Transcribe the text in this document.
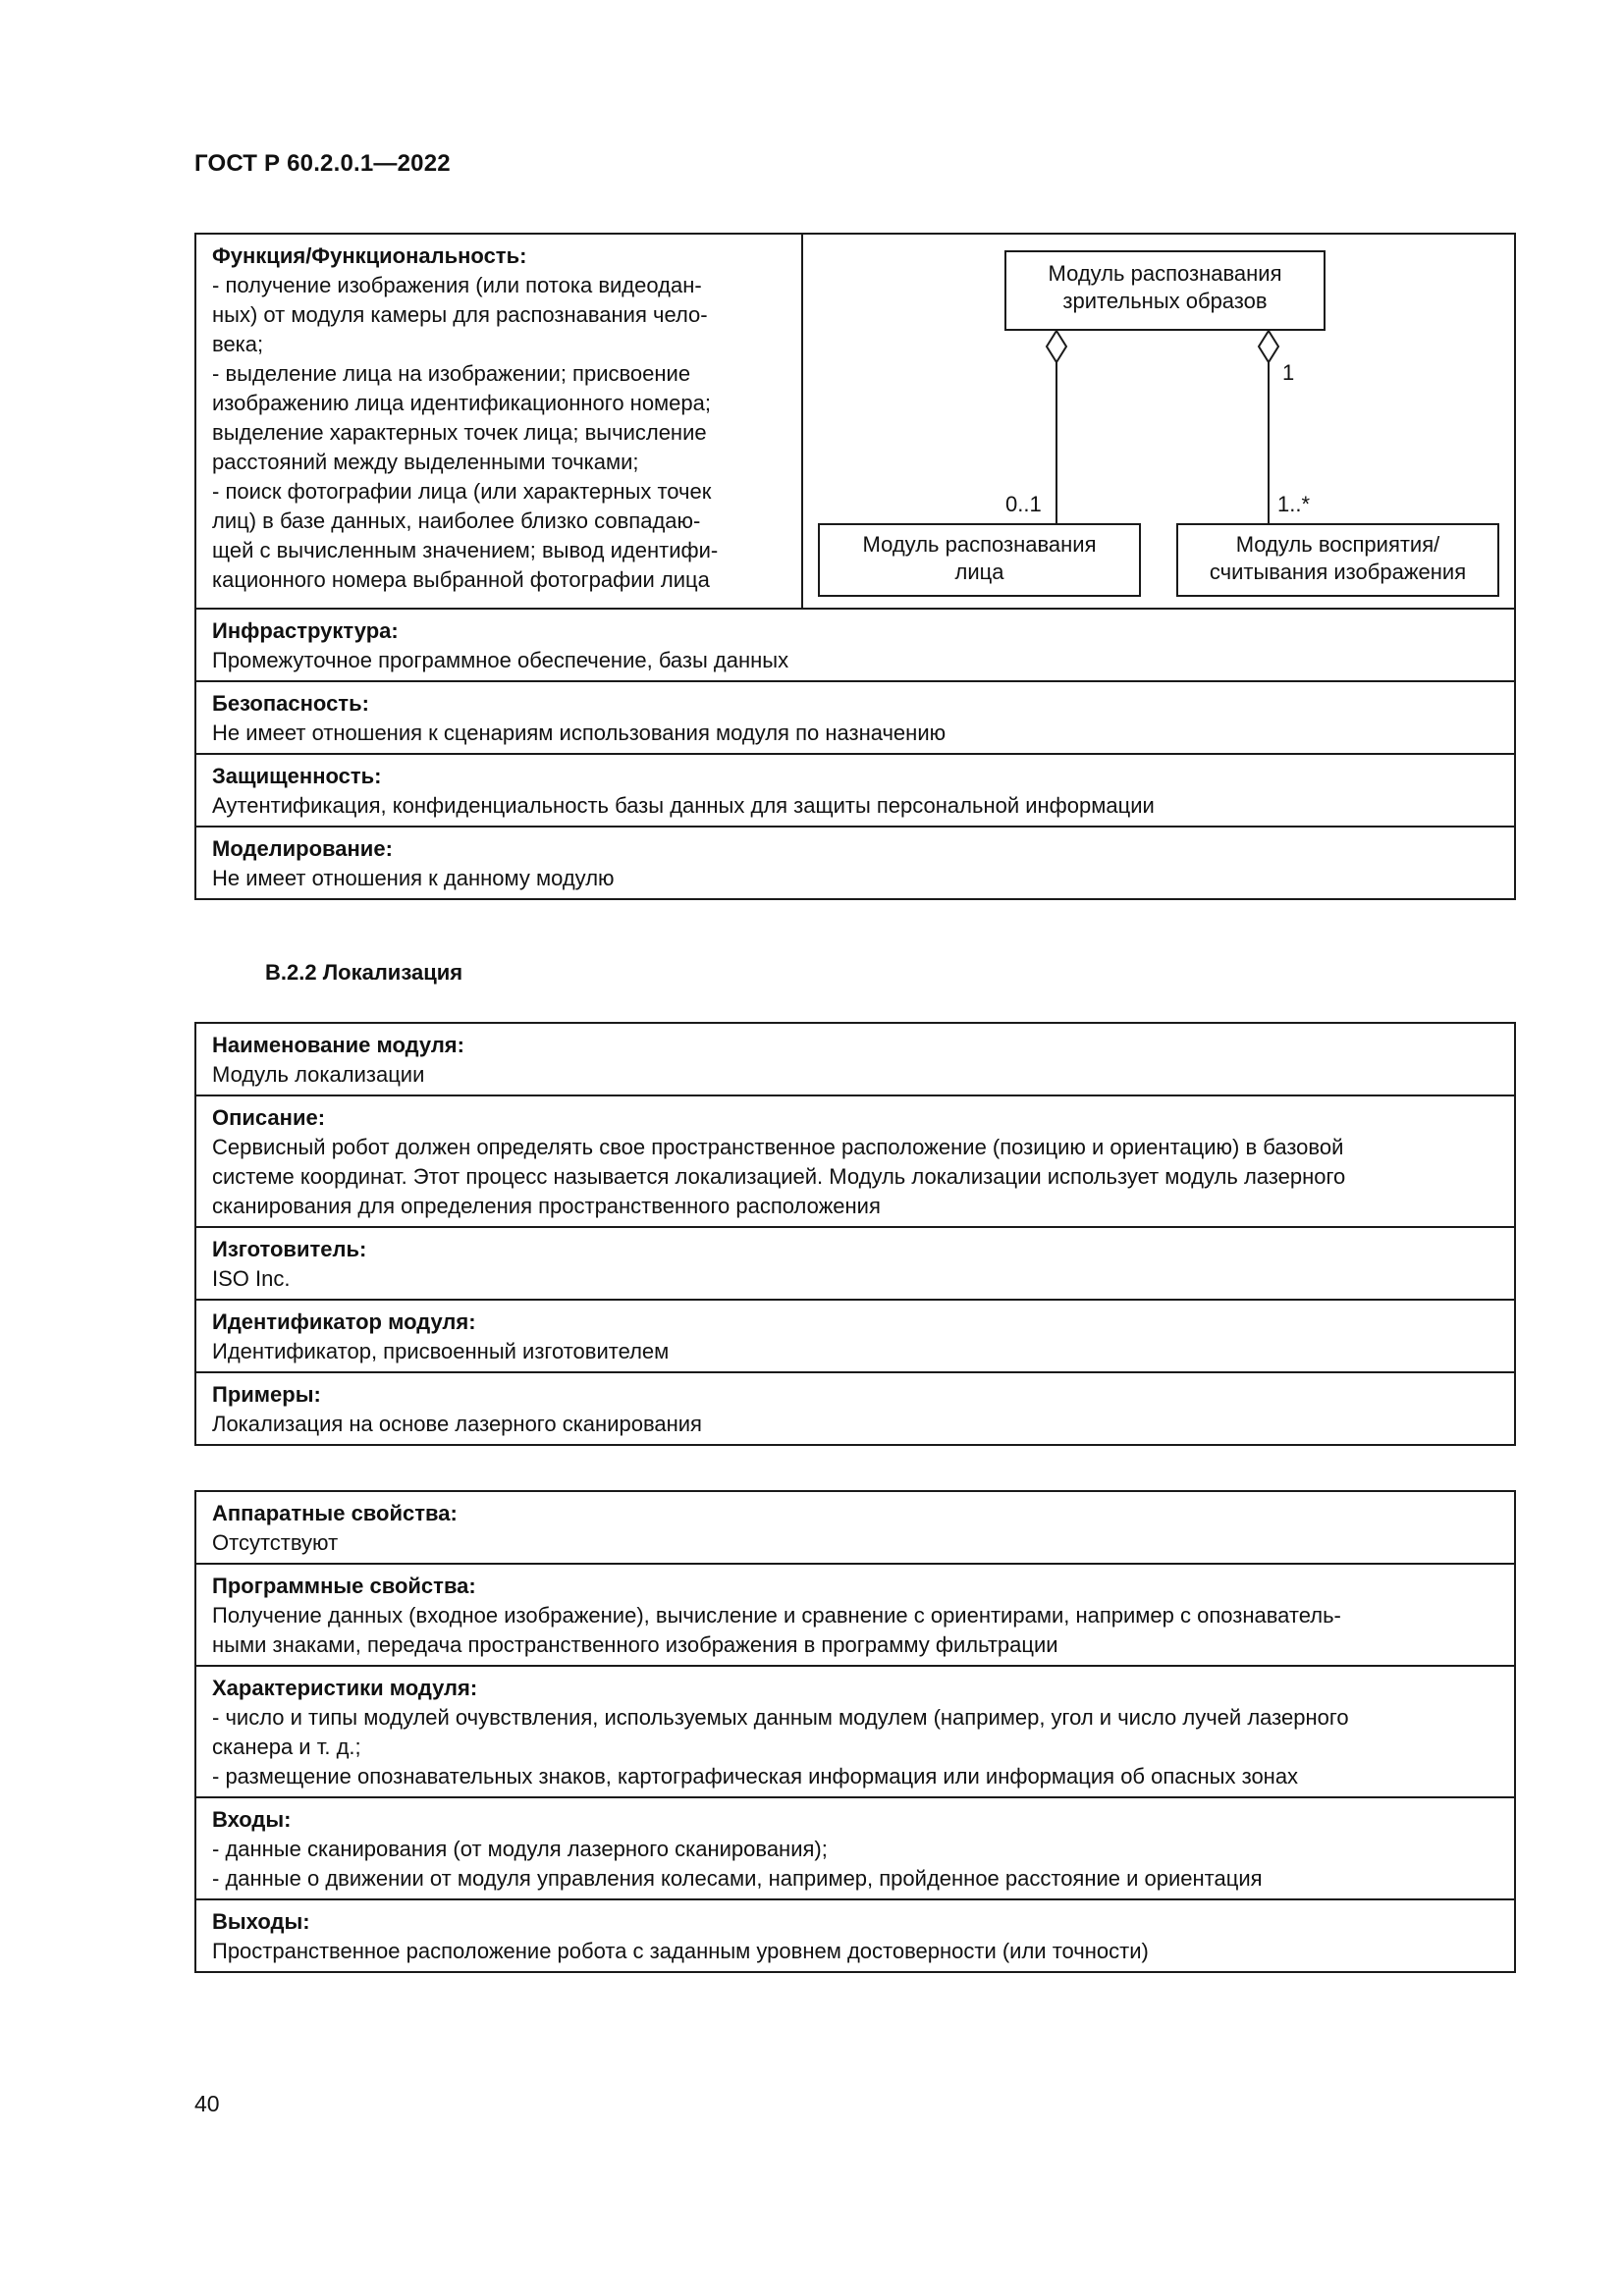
ГОСТ Р 60.2.0.1—2022
Функция/Функциональность:
- получение изображения (или потока видеодан-
ных) от модуля камеры для распознавания чело-
века;
- выделение лица на изображении; присвоение
изображению лица идентификационного номера;
выделение характерных точек лица; вычисление
расстояний между выделенными точками;
- поиск фотографии лица (или характерных точек
лиц) в базе данных, наиболее близко совпадаю-
щей с вычисленным значением; вывод идентифи-
кационного номера выбранной фотографии лица
Модуль распознавания
зрительных образов
Модуль распознавания
лица
Модуль восприятия/
считывания изображения
1
0..1	1..*
Инфраструктура:
Промежуточное программное обеспечение, базы данных
Безопасность:
Не имеет отношения к сценариям использования модуля по назначению
Защищенность:
Аутентификация, конфиденциальность базы данных для защиты персональной информации
Моделирование:
Не имеет отношения к данному модулю
B.2.2 Локализация
Наименование модуля:
Модуль локализации
Описание:
Сервисный робот должен определять свое пространственное расположение (позицию и ориентацию) в базовой
системе координат. Этот процесс называется локализацией. Модуль локализации использует модуль лазерного
сканирования для определения пространственного расположения
Изготовитель:
ISO Inc.
Идентификатор модуля:
Идентификатор, присвоенный изготовителем
Примеры:
Локализация на основе лазерного сканирования
Аппаратные свойства:
Отсутствуют
Программные свойства:
Получение данных (входное изображение), вычисление и сравнение с ориентирами, например с опознаватель-
ными знаками, передача пространственного изображения в программу фильтрации
Характеристики модуля:
- число и типы модулей очувствления, используемых данным модулем (например, угол и число лучей лазерного
сканера и т. д.;
- размещение опознавательных знаков, картографическая информация или информация об опасных зонах
Входы:
- данные сканирования (от модуля лазерного сканирования);
- данные о движении от модуля управления колесами, например, пройденное расстояние и ориентация
Выходы:
Пространственное расположение робота с заданным уровнем достоверности (или точности)
40
